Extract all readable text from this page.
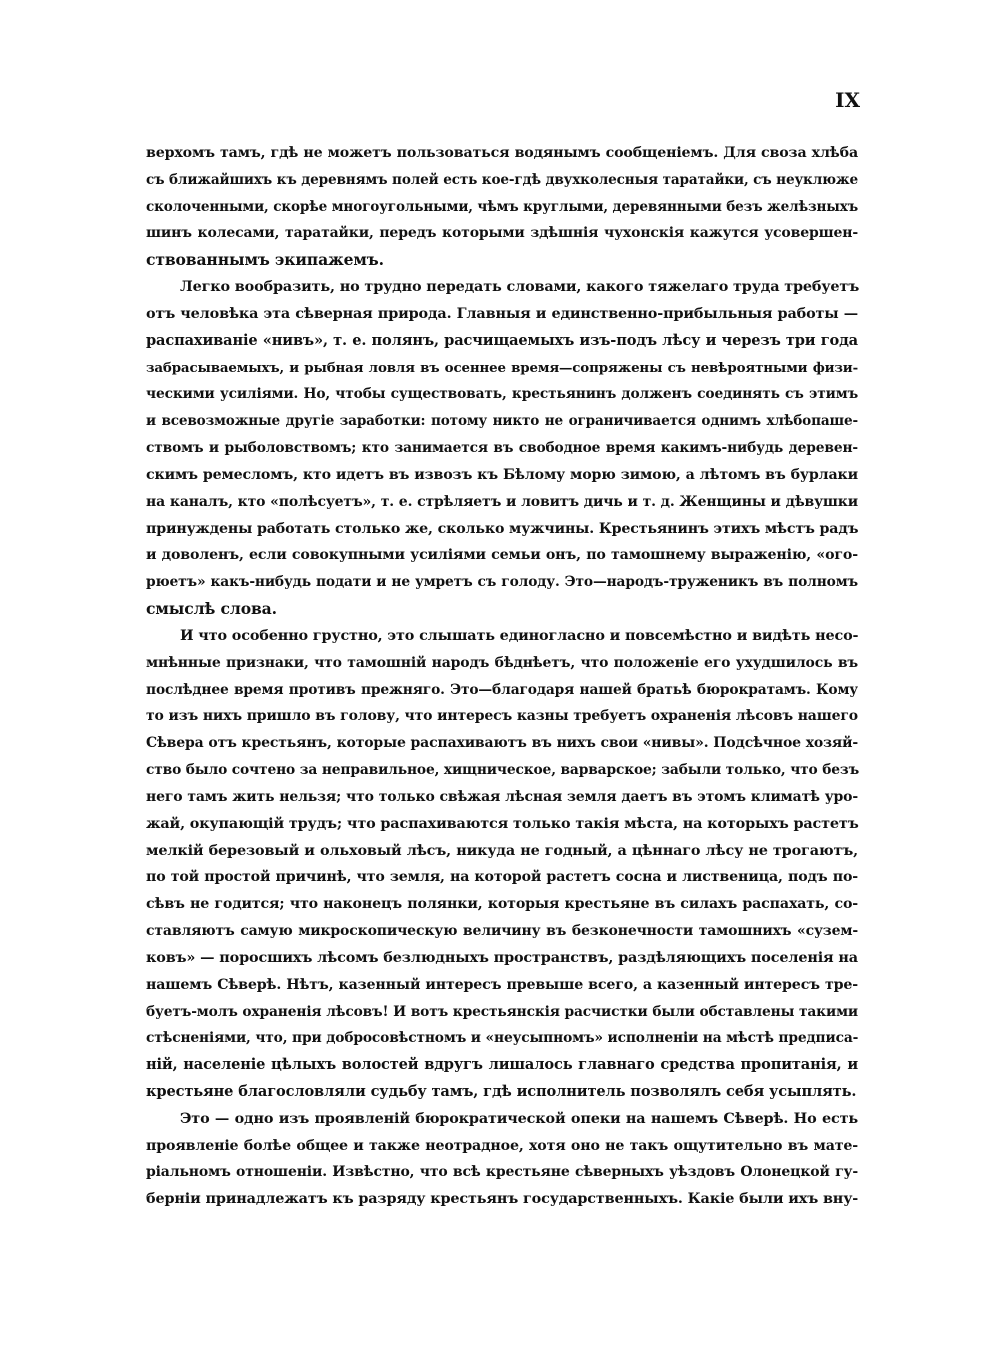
IX
верхомъ тамъ, гдѣ не можетъ пользоваться водянымъ сообщеніемъ. Для своза хлѣба
съ ближайшихъ къ деревнямъ полей есть кое-гдѣ двухколесныя таратайки, съ неуклюже
сколоченными, скорѣе многоугольными, чѣмъ круглыми, деревянными безъ желѣзныхъ
шинъ колесами, таратайки, передъ которыми здѣшнія чухонскія кажутся усовершен-
ствованнымъ экипажемъ.
Легко вообразить, но трудно передать словами, какого тяжелаго труда требуетъ
отъ человѣка эта сѣверная природа. Главныя и единственно-прибыльныя работы —
распахиваніе «нивъ», т. е. полянъ, расчищаемыхъ изъ-подъ лѣсу и черезъ три года
забрасываемыхъ, и рыбная ловля въ осеннее время—сопряжены съ невѣроятными физи-
ческими усиліями. Но, чтобы существовать, крестьянинъ долженъ соединять съ этимъ
и всевозможные другіе заработки: потому никто не ограничивается однимъ хлѣбопаше-
ствомъ и рыболовствомъ; кто занимается въ свободное время какимъ-нибудь деревен-
скимъ ремесломъ, кто идетъ въ извозъ къ Бѣлому морю зимою, а лѣтомъ въ бурлаки
на каналъ, кто «полѣсуетъ», т. е. стрѣляетъ и ловитъ дичь и т. д. Женщины и дѣвушки
принуждены работать столько же, сколько мужчины. Крестьянинъ этихъ мѣстъ радъ
и доволенъ, если совокупными усиліями семьи онъ, по тамошнему выраженію, «ого-
рюетъ» какъ-нибудь подати и не умретъ съ голоду. Это—народъ-труженикъ въ полномъ
смыслѣ слова.
И что особенно грустно, это слышать единогласно и повсемѣстно и видѣть несо-
мнѣнные признаки, что тамошній народъ бѣднѣетъ, что положеніе его ухудшилось въ
послѣднее время противъ прежняго. Это—благодаря нашей братьѣ бюрократамъ. Кому
то изъ нихъ пришло въ голову, что интересъ казны требуетъ охраненія лѣсовъ нашего
Сѣвера отъ крестьянъ, которые распахиваютъ въ нихъ свои «нивы». Подсѣчное хозяй-
ство было сочтено за неправильное, хищническое, варварское; забыли только, что безъ
него тамъ жить нельзя; что только свѣжая лѣсная земля даетъ въ этомъ климатѣ уро-
жай, окупающій трудъ; что распахиваются только такія мѣста, на которыхъ растетъ
мелкій березовый и ольховый лѣсъ, никуда не годный, а цѣннаго лѣсу не трогаютъ,
по той простой причинѣ, что земля, на которой растетъ сосна и лиственица, подъ по-
сѣвъ не годится; что наконецъ полянки, которыя крестьяне въ силахъ распахать, со-
ставляютъ самую микроскопическую величину въ безконечности тамошнихъ «сузем-
ковъ» — поросшихъ лѣсомъ безлюдныхъ пространствъ, раздѣляющихъ поселенія на
нашемъ Сѣверѣ. Нѣтъ, казенный интересъ превыше всего, а казенный интересъ тре-
буетъ-молъ охраненія лѣсовъ! И вотъ крестьянскія расчистки были обставлены такими
стѣсненіями, что, при добросовѣстномъ и «неусыпномъ» исполненіи на мѣстѣ предписа-
ній, населеніе цѣлыхъ волостей вдругъ лишалось главнаго средства пропитанія, и
крестьяне благословляли судьбу тамъ, гдѣ исполнитель позволялъ себя усыплять.
Это — одно изъ проявленій бюрократической опеки на нашемъ Сѣверѣ. Но есть
проявленіе болѣе общее и также неотрадное, хотя оно не такъ ощутительно въ мате-
ріальномъ отношеніи. Извѣстно, что всѣ крестьяне сѣверныхъ уѣздовъ Олонецкой гу-
берніи принадлежатъ къ разряду крестьянъ государственныхъ. Какіе были ихъ вну-
